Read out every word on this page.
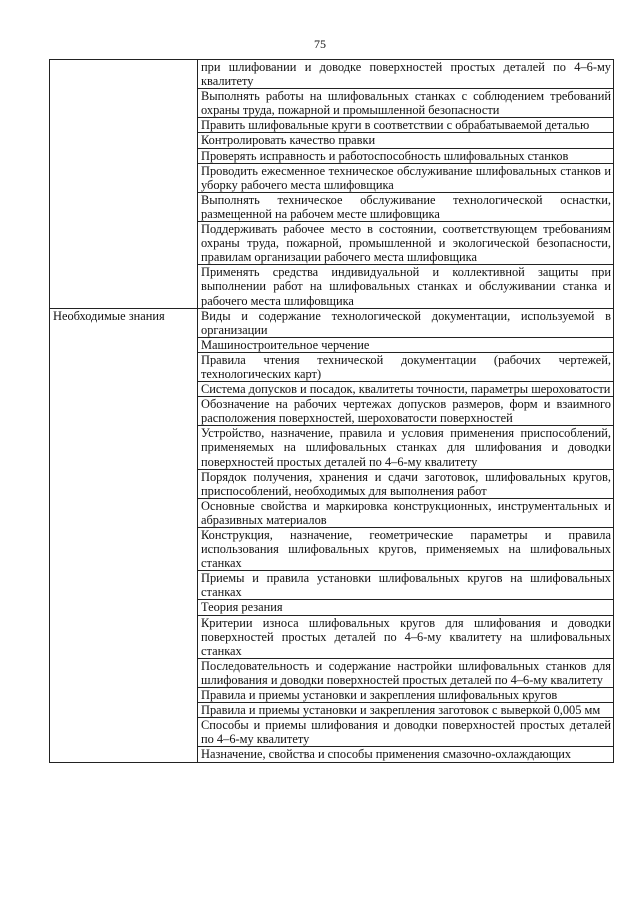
75
	при шлифовании и доводке поверхностей простых деталей по 4–6-му квалитету
	Выполнять работы на шлифовальных станках с соблюдением требований охраны труда, пожарной и промышленной безопасности
	Править шлифовальные круги в соответствии с обрабатываемой деталью
	Контролировать качество правки
	Проверять исправность и работоспособность шлифовальных станков
	Проводить ежесменное техническое обслуживание шлифовальных станков и уборку рабочего места шлифовщика
	Выполнять техническое обслуживание технологической оснастки, размещенной на рабочем месте шлифовщика
	Поддерживать рабочее место в состоянии, соответствующем требованиям охраны труда, пожарной, промышленной и экологической безопасности, правилам организации рабочего места шлифовщика
	Применять средства индивидуальной и коллективной защиты при выполнении работ на шлифовальных станках и обслуживании станка и рабочего места шлифовщика
Необходимые знания	Виды и содержание технологической документации, используемой в организации
	Машиностроительное черчение
	Правила чтения технической документации (рабочих чертежей, технологических карт)
	Система допусков и посадок, квалитеты точности, параметры шероховатости
	Обозначение на рабочих чертежах допусков размеров, форм и взаимного расположения поверхностей, шероховатости поверхностей
	Устройство, назначение, правила и условия применения приспособлений, применяемых на шлифовальных станках для шлифования и доводки поверхностей простых деталей по 4–6-му квалитету
	Порядок получения, хранения и сдачи заготовок, шлифовальных кругов, приспособлений, необходимых для выполнения работ
	Основные свойства и маркировка конструкционных, инструментальных и абразивных материалов
	Конструкция, назначение, геометрические параметры и правила использования шлифовальных кругов, применяемых на шлифовальных станках
	Приемы и правила установки шлифовальных кругов на шлифовальных станках
	Теория резания
	Критерии износа шлифовальных кругов для шлифования и доводки поверхностей простых деталей по 4–6-му квалитету на шлифовальных станках
	Последовательность и содержание настройки шлифовальных станков для шлифования и доводки поверхностей простых деталей по 4–6-му квалитету
	Правила и приемы установки и закрепления шлифовальных кругов
	Правила и приемы установки и закрепления заготовок с выверкой 0,005 мм
	Способы и приемы шлифования и доводки поверхностей простых деталей по 4–6-му квалитету
	Назначение, свойства и способы применения смазочно-охлаждающих
